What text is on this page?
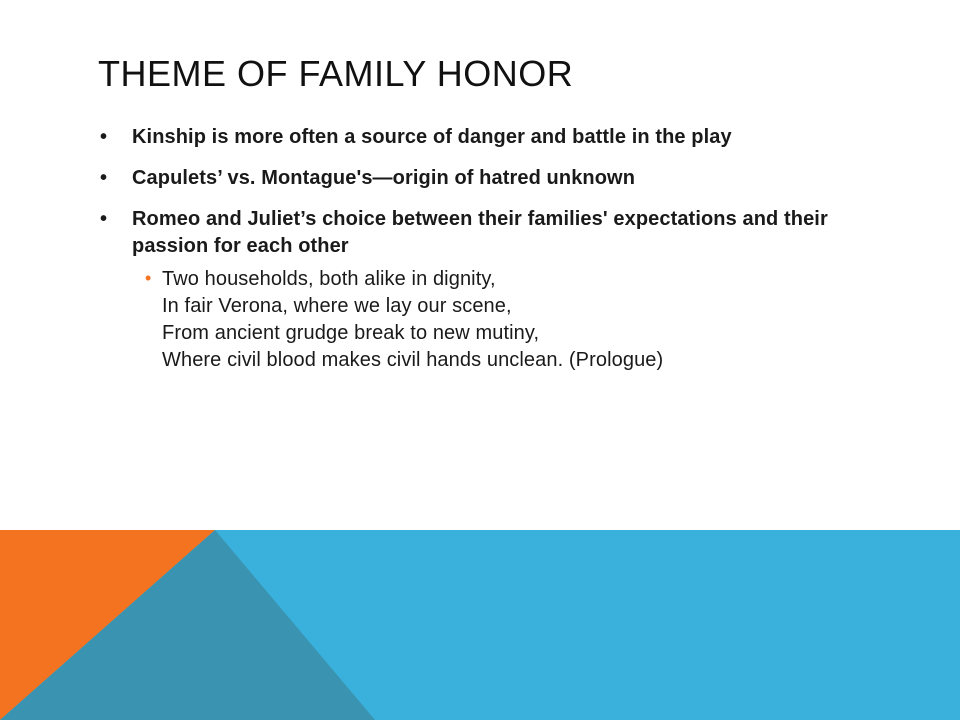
THEME OF FAMILY HONOR
• Kinship is more often a source of danger and battle in the play
• Capulets’ vs. Montague's—origin of hatred unknown
• Romeo and Juliet’s choice between their families' expectations and their passion for each other
• Two households, both alike in dignity,
In fair Verona, where we lay our scene,
From ancient grudge break to new mutiny,
Where civil blood makes civil hands unclean. (Prologue)
